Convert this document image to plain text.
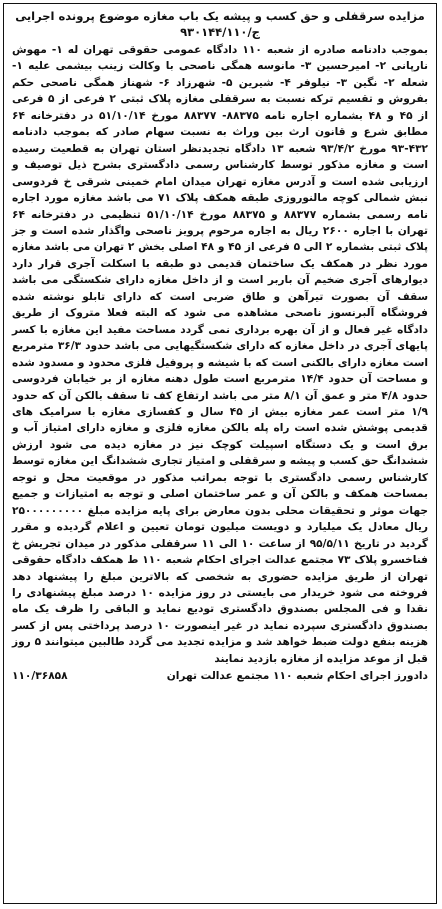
مزایده سرقفلی و حق کسب و پیشه یک باب مغازه موضوع پرونده اجرایی

ج/۹۳۰۱۴۴/۱۱۰

بموجب دادنامه صادره از شعبه ۱۱۰ دادگاه عمومی حقوقی تهران له ۱- مهوش نارپانی ۲- امیرحسین ۳- مانوسه همگی ناصحی با وکالت زینب بیشمی علیه ۱- شعله ۲- نگین ۳- نیلوفر ۴- شیرین ۵- شهرزاد ۶- شهناز همگی ناصحی حکم بفروش و تقسیم ترکه نسبت به سرقفلی مغازه پلاک ثبتی ۲ فرعی از ۵ فرعی از ۴۵ و ۴۸ بشماره اجاره نامه ۸۸۳۷۵- ۸۸۳۷۷ مورخ ۵۱/۱۰/۱۴ در دفترخانه ۶۴ مطابق شرع و قانون ارث بین وراث به نسبت سهام صادر که بموجب دادنامه ۴۳۲-۹۳ مورخ ۹۳/۴/۲ شعبه ۱۳ دادگاه تجدیدنظر استان تهران به قطعیت رسیده است و مغازه مذکور توسط کارشناس رسمی دادگستری بشرح ذیل توصیف و ارزیابی شده است و آدرس مغازه تهران میدان امام خمینی شرقی خ فردوسی نبش شمالی کوچه مالنوروزی طبقه همکف پلاک ۷۱ می باشد مغازه مورد اجاره نامه رسمی بشماره ۸۸۳۷۷ و ۸۸۳۷۵ مورخ ۵۱/۱۰/۱۴ تنظیمی در دفترخانه ۶۴ تهران با اجاره ۲۶۰۰ ریال به اجاره مرحوم پرویز ناصحی واگذار شده است و جز پلاک ثبتی بشماره ۲ الی ۵ فرعی از ۴۵ و ۴۸ اصلی بخش ۲ تهران می باشد مغازه مورد نظر در همکف یک ساختمان قدیمی دو طبقه با اسکلت آجری قرار دارد دیوارهای آجری ضخیم آن باربر است و از داخل مغازه دارای شکستگی می باشد سقف آن بصورت تیرآهن و طاق ضربی است که دارای تابلو نوشته شده فروشگاه آلبرنسوز ناصحی مشاهده می شود که البته فعلا متروک از طریق دادگاه غیر فعال و از آن بهره برداری نمی گردد مساحت مفید این مغازه با کسر پایهای آجری در داخل مغازه که دارای شکستگیهایی می باشد حدود ۳۶/۳ مترمربع است مغازه دارای بالکنی است که با شیشه و پروفیل فلزی محدود و مسدود شده و مساحت آن حدود ۱۴/۴ مترمربع است طول دهنه مغازه از بر خیابان فردوسی حدود ۴/۸ متر و عمق آن ۸/۱ متر می باشد ارتفاع کف تا سقف بالکن آن که حدود ۱/۹ متر است عمر مغازه بیش از ۴۵ سال و کفسازی مغازه با سرامیک های قدیمی پوشش شده است راه پله بالکن مغازه فلزی و مغازه دارای امتیاز آب و برق است و یک دستگاه اسپیلت کوچک نیز در مغازه دیده می شود ارزش ششدانگ حق کسب و پیشه و سرقفلی و امتیاز تجاری ششدانگ این مغازه توسط کارشناس رسمی دادگستری با توجه بمراتب مذکور در موقعیت محل و توجه بمساحت همکف و بالکن آن و عمر ساختمان اصلی و توجه به امتیازات و جمیع جهات موثر و تحقیقات محلی بدون معارض برای پایه مزایده مبلغ ۲۵۰۰۰۰۰۰۰۰۰ ریال معادل یک میلیارد و دویست میلیون تومان تعیین و اعلام گردیده و مقرر گردید در تاریخ ۹۵/۵/۱۱ از ساعت ۱۰ الی ۱۱ سرقفلی مذکور در میدان تجریش خ فناخسرو پلاک ۷۳ مجتمع عدالت اجرای احکام شعبه ۱۱۰ ط همکف دادگاه حقوقی تهران از طریق مزایده حضوری به شخصی که بالاترین مبلغ را پیشنهاد دهد فروخته می شود خریدار می بایستی در روز مزایده ۱۰ درصد مبلغ پیشنهادی را نقدا و فی المجلس بصندوق دادگستری تودیع نماید و الباقی را ظرف یک ماه بصندوق دادگستری سپرده نماید در غیر اینصورت ۱۰ درصد پرداختی پس از کسر هزینه بنفع دولت ضبط خواهد شد و مزایده تجدید می گردد طالبین میتوانند ۵ روز قبل از موعد مزایده از مغازه بازدید نمایند

دادورز اجرای احکام شعبه ۱۱۰ مجتمع عدالت تهران
۱۱۰/۳۶۸۵۸
